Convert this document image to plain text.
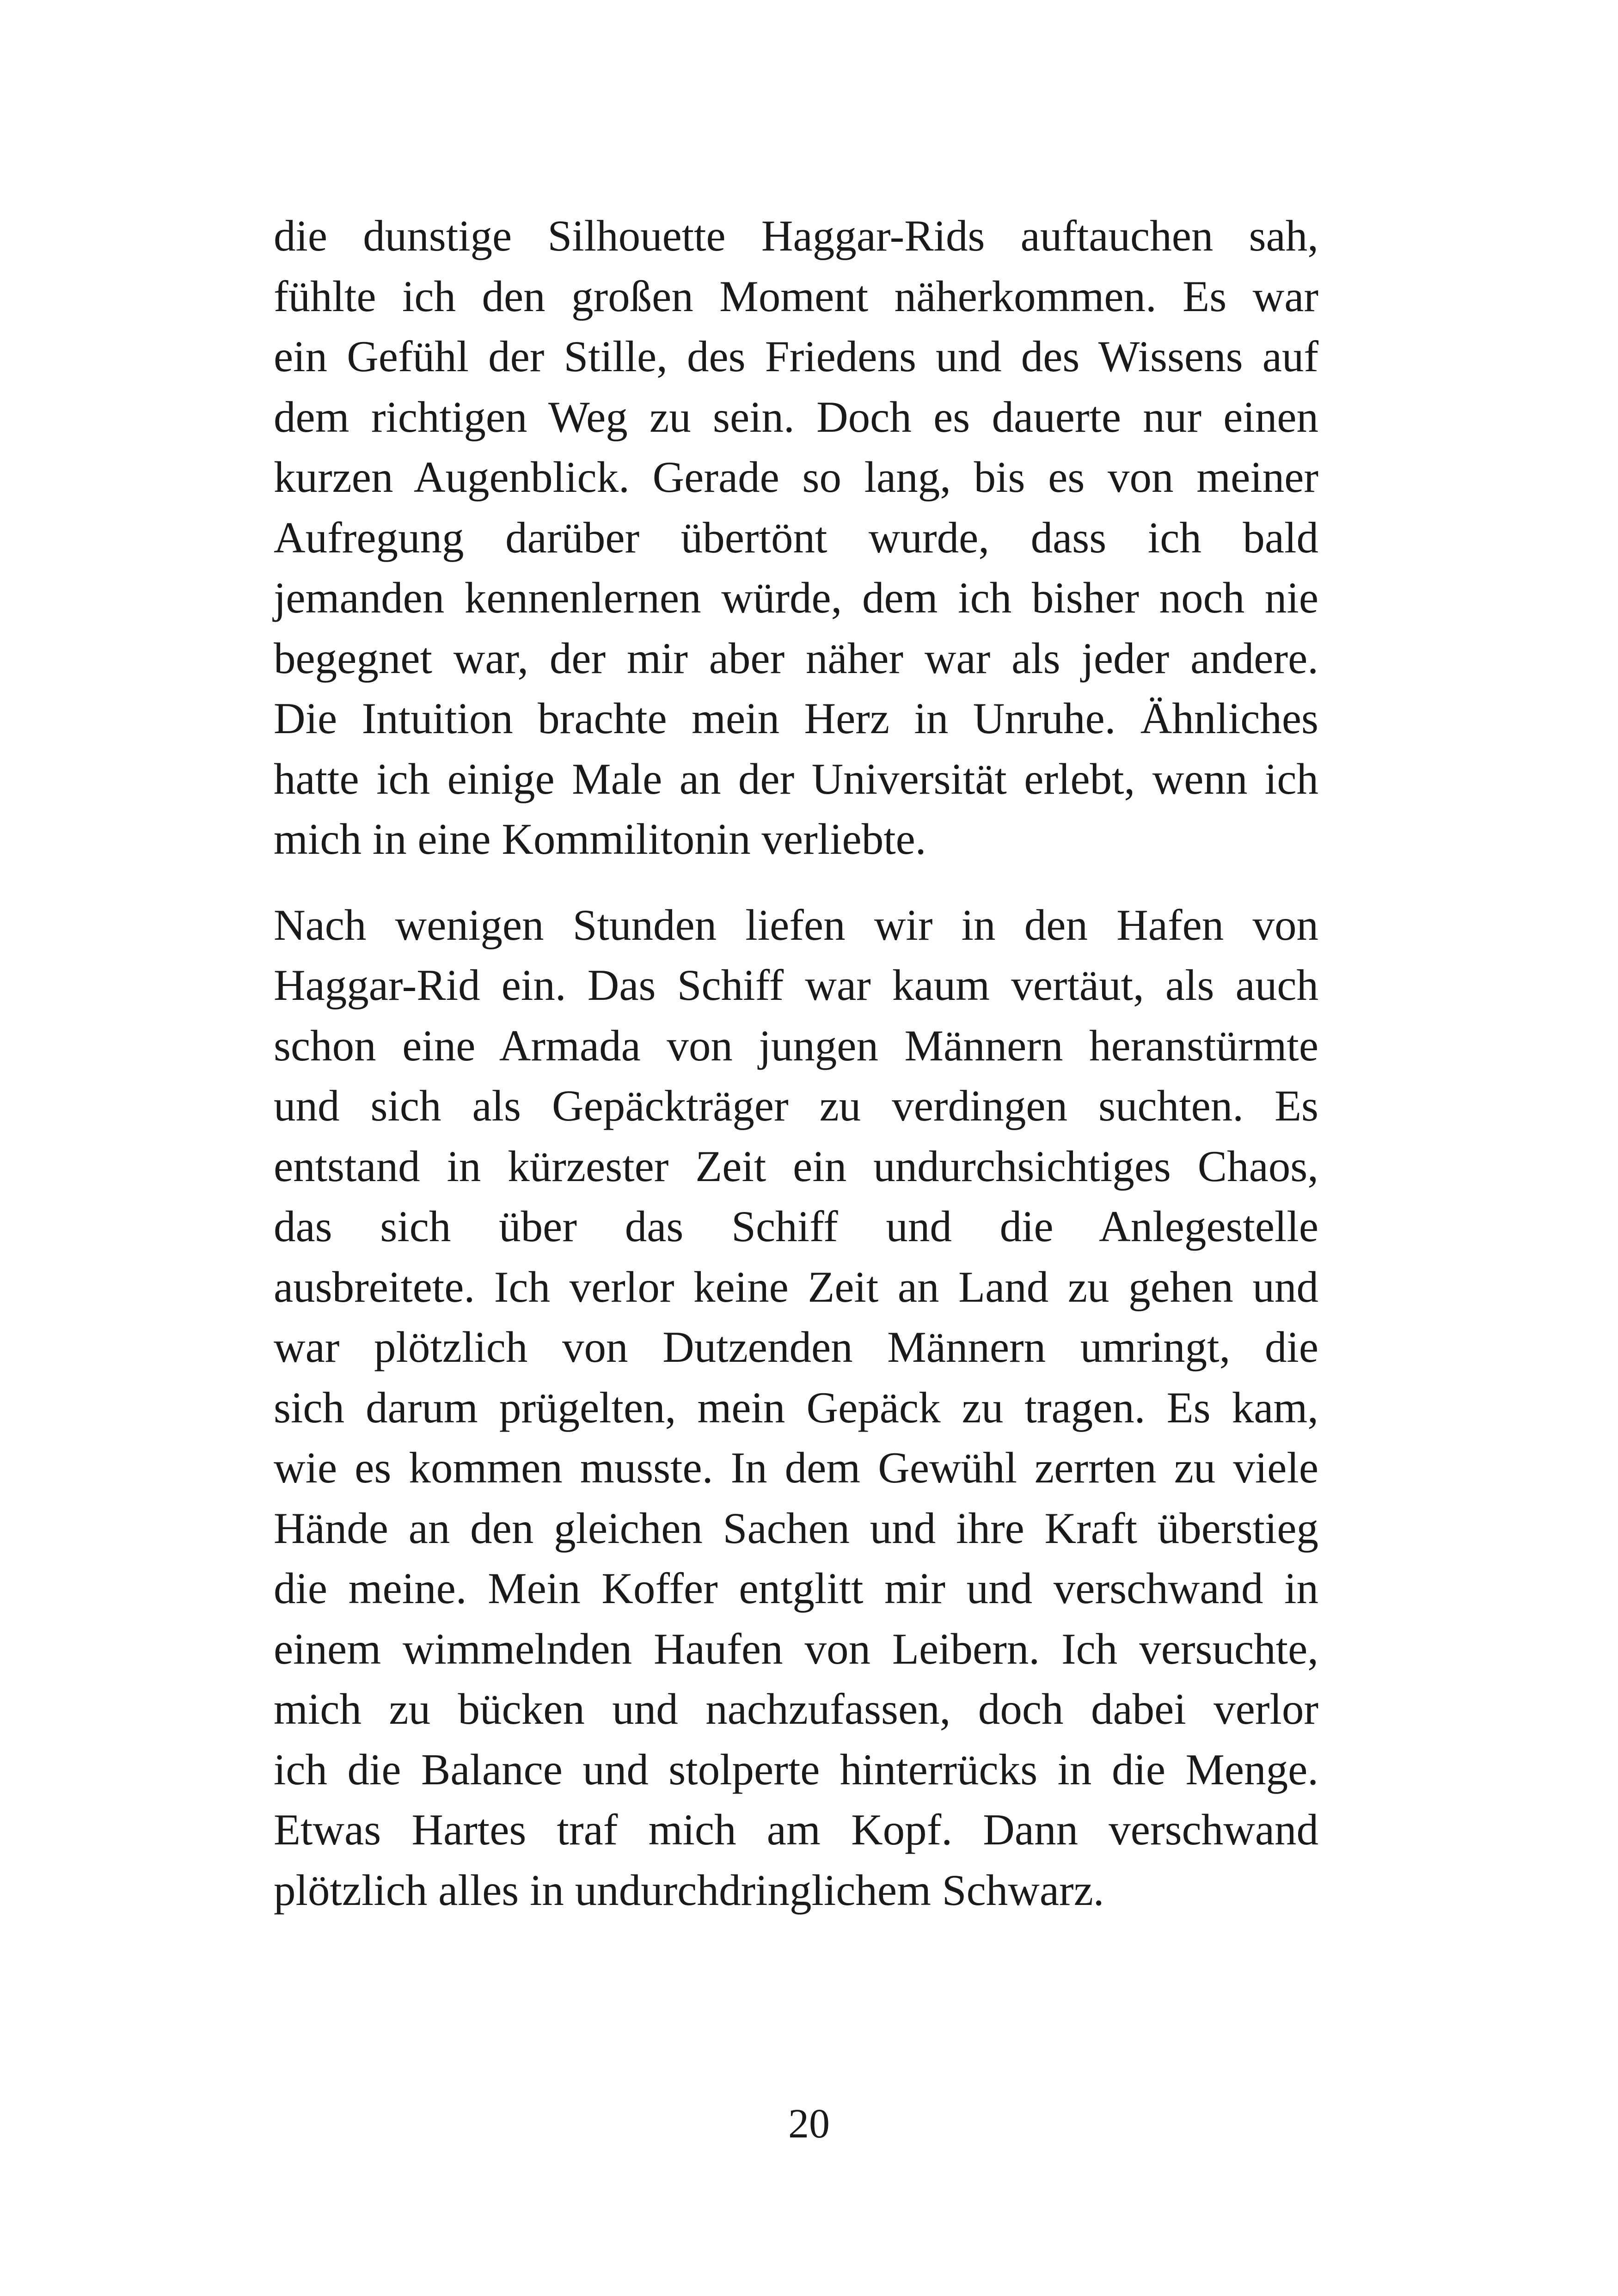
die dunstige Silhouette Haggar-Rids auftauchen sah,
fühlte ich den großen Moment näherkommen. Es war
ein Gefühl der Stille, des Friedens und des Wissens auf
dem richtigen Weg zu sein. Doch es dauerte nur einen
kurzen Augenblick. Gerade so lang, bis es von meiner
Aufregung darüber übertönt wurde, dass ich bald
jemanden kennenlernen würde, dem ich bisher noch nie
begegnet war, der mir aber näher war als jeder andere.
Die Intuition brachte mein Herz in Unruhe. Ähnliches
hatte ich einige Male an der Universität erlebt, wenn ich
mich in eine Kommilitonin verliebte.

Nach wenigen Stunden liefen wir in den Hafen von
Haggar-Rid ein. Das Schiff war kaum vertäut, als auch
schon eine Armada von jungen Männern heranstürmte
und sich als Gepäckträger zu verdingen suchten. Es
entstand in kürzester Zeit ein undurchsichtiges Chaos,
das sich über das Schiff und die Anlegestelle
ausbreitete. Ich verlor keine Zeit an Land zu gehen und
war plötzlich von Dutzenden Männern umringt, die
sich darum prügelten, mein Gepäck zu tragen. Es kam,
wie es kommen musste. In dem Gewühl zerrten zu viele
Hände an den gleichen Sachen und ihre Kraft überstieg
die meine. Mein Koffer entglitt mir und verschwand in
einem wimmelnden Haufen von Leibern. Ich versuchte,
mich zu bücken und nachzufassen, doch dabei verlor
ich die Balance und stolperte hinterrücks in die Menge.
Etwas Hartes traf mich am Kopf. Dann verschwand
plötzlich alles in undurchdringlichem Schwarz.

20
